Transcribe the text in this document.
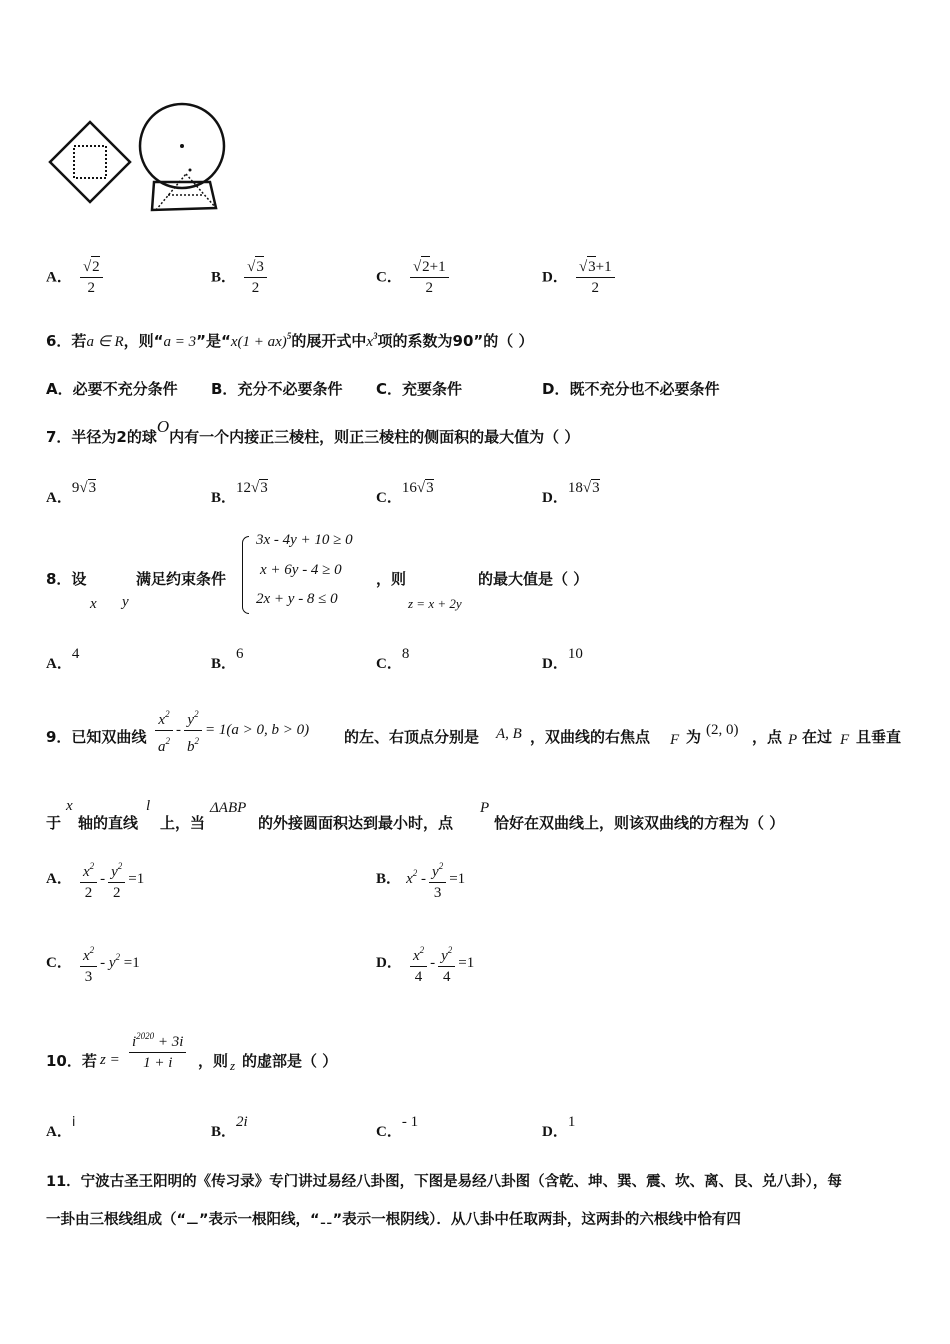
A． $\frac{√2}{2}$	B． $\frac{√3}{2}$	C． $\frac{√2+1}{2}$	D． $\frac{√3+1}{2}$
6．若a ∈ R，则“a = 3”是“x(1 + ax)$^5$的展开式中$x^3$项的系数为90”的（ ）
A．必要不充分条件 B．充分不必要条件 C．充要条件	D．既不充分也不必要条件
7．半径为2的球O内有一个内接正三棱柱，则正三棱柱的侧面积的最大值为（ ）
A．9√3
B．12√3
C．16√3
D．18√3
8．设
x y
满足约束条件
3x - 4y + 10 ≥ 0
x + 6y - 4 ≥ 0
2x + y - 8 ≤ 0
，则
z = x + 2y
的最大值是（ ）
A．4
B．6
C．8
D．10
9．已知双曲线 $\frac{x^2}{a^2} - \frac{y^2}{b^2} = 1(a > 0$, b > 0) 的左、右顶点分别是 A, B ，双曲线的右焦点 F 为 (2, 0) ，点 P 在过 F 且垂直
于
x
轴的直线
l
上，当
ΔABP
的外接圆面积达到最小时，点
P
恰好在双曲线上，则该双曲线的方程为（ ）
A． $\frac{x^2}{2} - \frac{y^2}{2} =1$	B． $x^2 - \frac{y^2}{3} =1$
C． $\frac{x^2}{3} - y^2 =1$	D． $\frac{x^2}{4} - \frac{y^2}{4} =1$
10．若 $z = \frac{i^{2020} + 3i}{1 + i}$ ，则 z 的虚部是（ ）
A．i
B．2i
C．- 1
D．1
11．宁波古圣王阳明的《传习录》专门讲过易经八卦图，下图是易经八卦图（含乾、坤、巽、震、坎、离、艮、兑八卦），每
一卦由三根线组成（“⚊”表示一根阳线，“⚋”表示一根阴线）．从八卦中任取两卦，这两卦的六根线中恰有四
